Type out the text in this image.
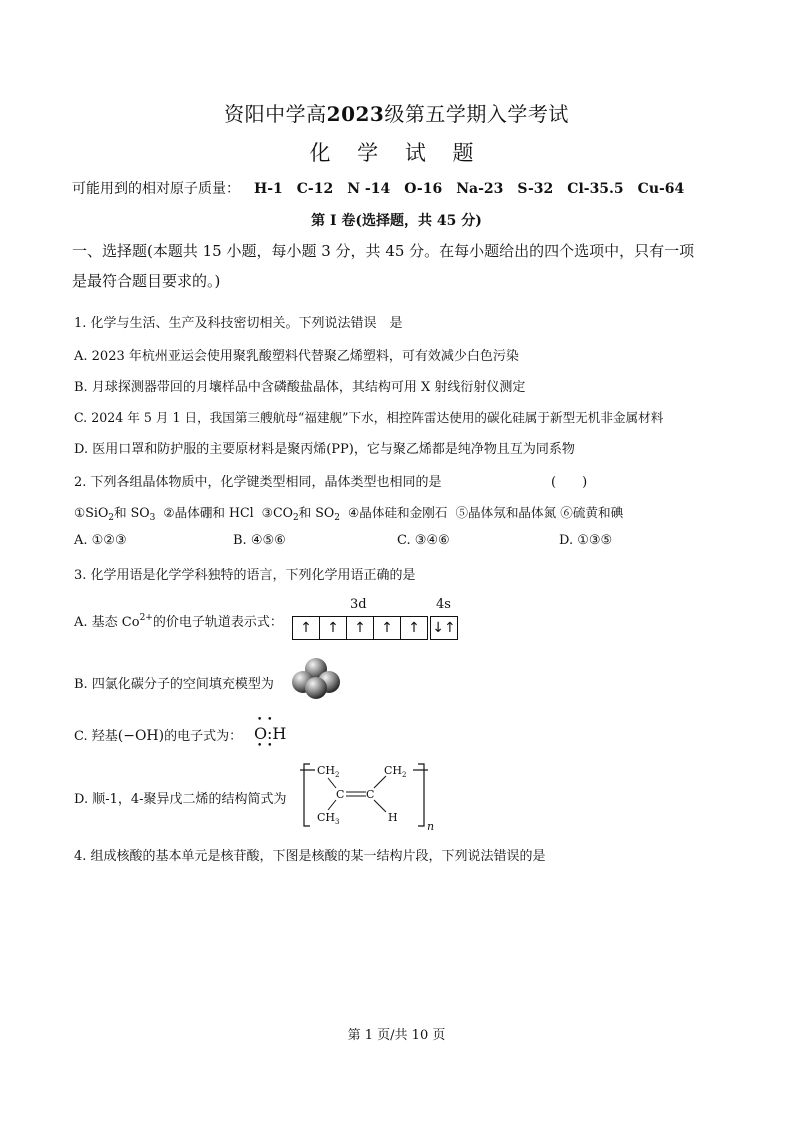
资阳中学高2023级第五学期入学考试
化 学 试 题
可能用到的相对原子质量： H-1 C-12 N -14 O-16 Na-23 S-32 Cl-35.5 Cu-64
第 I 卷(选择题，共 45 分)
一、选择题(本题共 15 小题，每小题 3 分，共 45 分。在每小题给出的四个选项中，只有一项
是最符合题目要求的。)
1. 化学与生活、生产及科技密切相关。下列说法错误　是
A. 2023 年杭州亚运会使用聚乳酸塑料代替聚乙烯塑料，可有效减少白色污染
B. 月球探测器带回的月壤样品中含磷酸盐晶体，其结构可用 X 射线衍射仪测定
C. 2024 年 5 月 1 日，我国第三艘航母“福建舰”下水，相控阵雷达使用的碳化硅属于新型无机非金属材料
D. 医用口罩和防护服的主要原材料是聚丙烯(PP)，它与聚乙烯都是纯净物且互为同系物
2. 下列各组晶体物质中，化学键类型相同，晶体类型也相同的是	(　　)
①SiO$_2$和 $SO_3$ ②晶体硼和 HCl $③CO_2$和 $SO_2$ ④晶体硅和金刚石 ⑤晶体氖和晶体氮 ⑥硫黄和碘
A. ①②③	B. ④⑤⑥	C. ③④⑥	D. ①③⑤
3. 化学用语是化学学科独特的语言，下列化学用语正确的是
A. 基态 $Co^{2+}$的价电子轨道表示式：
3d	4s
↑	↑	↑	↑	↑ ↓↑
B. 四氯化碳分子的空间填充模型为
C. 羟基(−OH)的电子式为：
• •
O :H
• •
D. 顺-1，4-聚异戊二烯的结构简式为
$CH_2$
C C
$CH_2$
$CH_3$	H
n
4. 组成核酸的基本单元是核苷酸，下图是核酸的某一结构片段，下列说法错误的是
第 1 页/共 10 页
